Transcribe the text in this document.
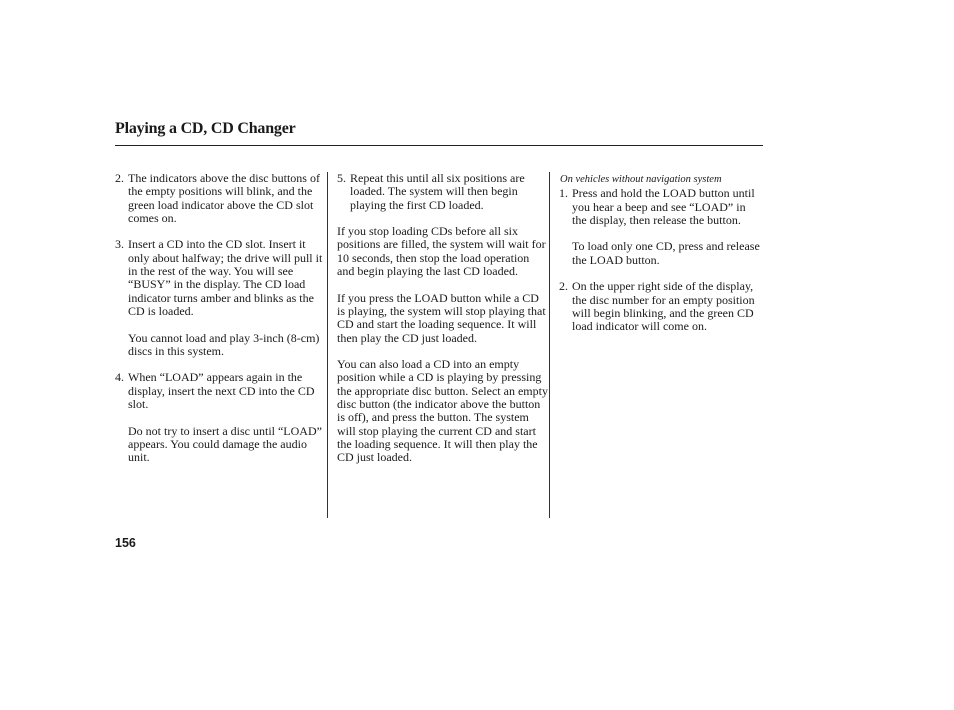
Playing a CD, CD Changer
2. The indicators above the disc buttons of the empty positions will blink, and the green load indicator above the CD slot comes on.
3. Insert a CD into the CD slot. Insert it only about halfway; the drive will pull it in the rest of the way. You will see “BUSY” in the display. The CD load indicator turns amber and blinks as the CD is loaded.
You cannot load and play 3-inch (8-cm) discs in this system.
4. When “LOAD” appears again in the display, insert the next CD into the CD slot.
Do not try to insert a disc until “LOAD” appears. You could damage the audio unit.
5. Repeat this until all six positions are loaded. The system will then begin playing the first CD loaded.
If you stop loading CDs before all six positions are filled, the system will wait for 10 seconds, then stop the load operation and begin playing the last CD loaded.
If you press the LOAD button while a CD is playing, the system will stop playing that CD and start the loading sequence. It will then play the CD just loaded.
You can also load a CD into an empty position while a CD is playing by pressing the appropriate disc button. Select an empty disc button (the indicator above the button is off), and press the button. The system will stop playing the current CD and start the loading sequence. It will then play the CD just loaded.
On vehicles without navigation system
1. Press and hold the LOAD button until you hear a beep and see “LOAD” in the display, then release the button.
To load only one CD, press and release the LOAD button.
2. On the upper right side of the display, the disc number for an empty position will begin blinking, and the green CD load indicator will come on.
156
